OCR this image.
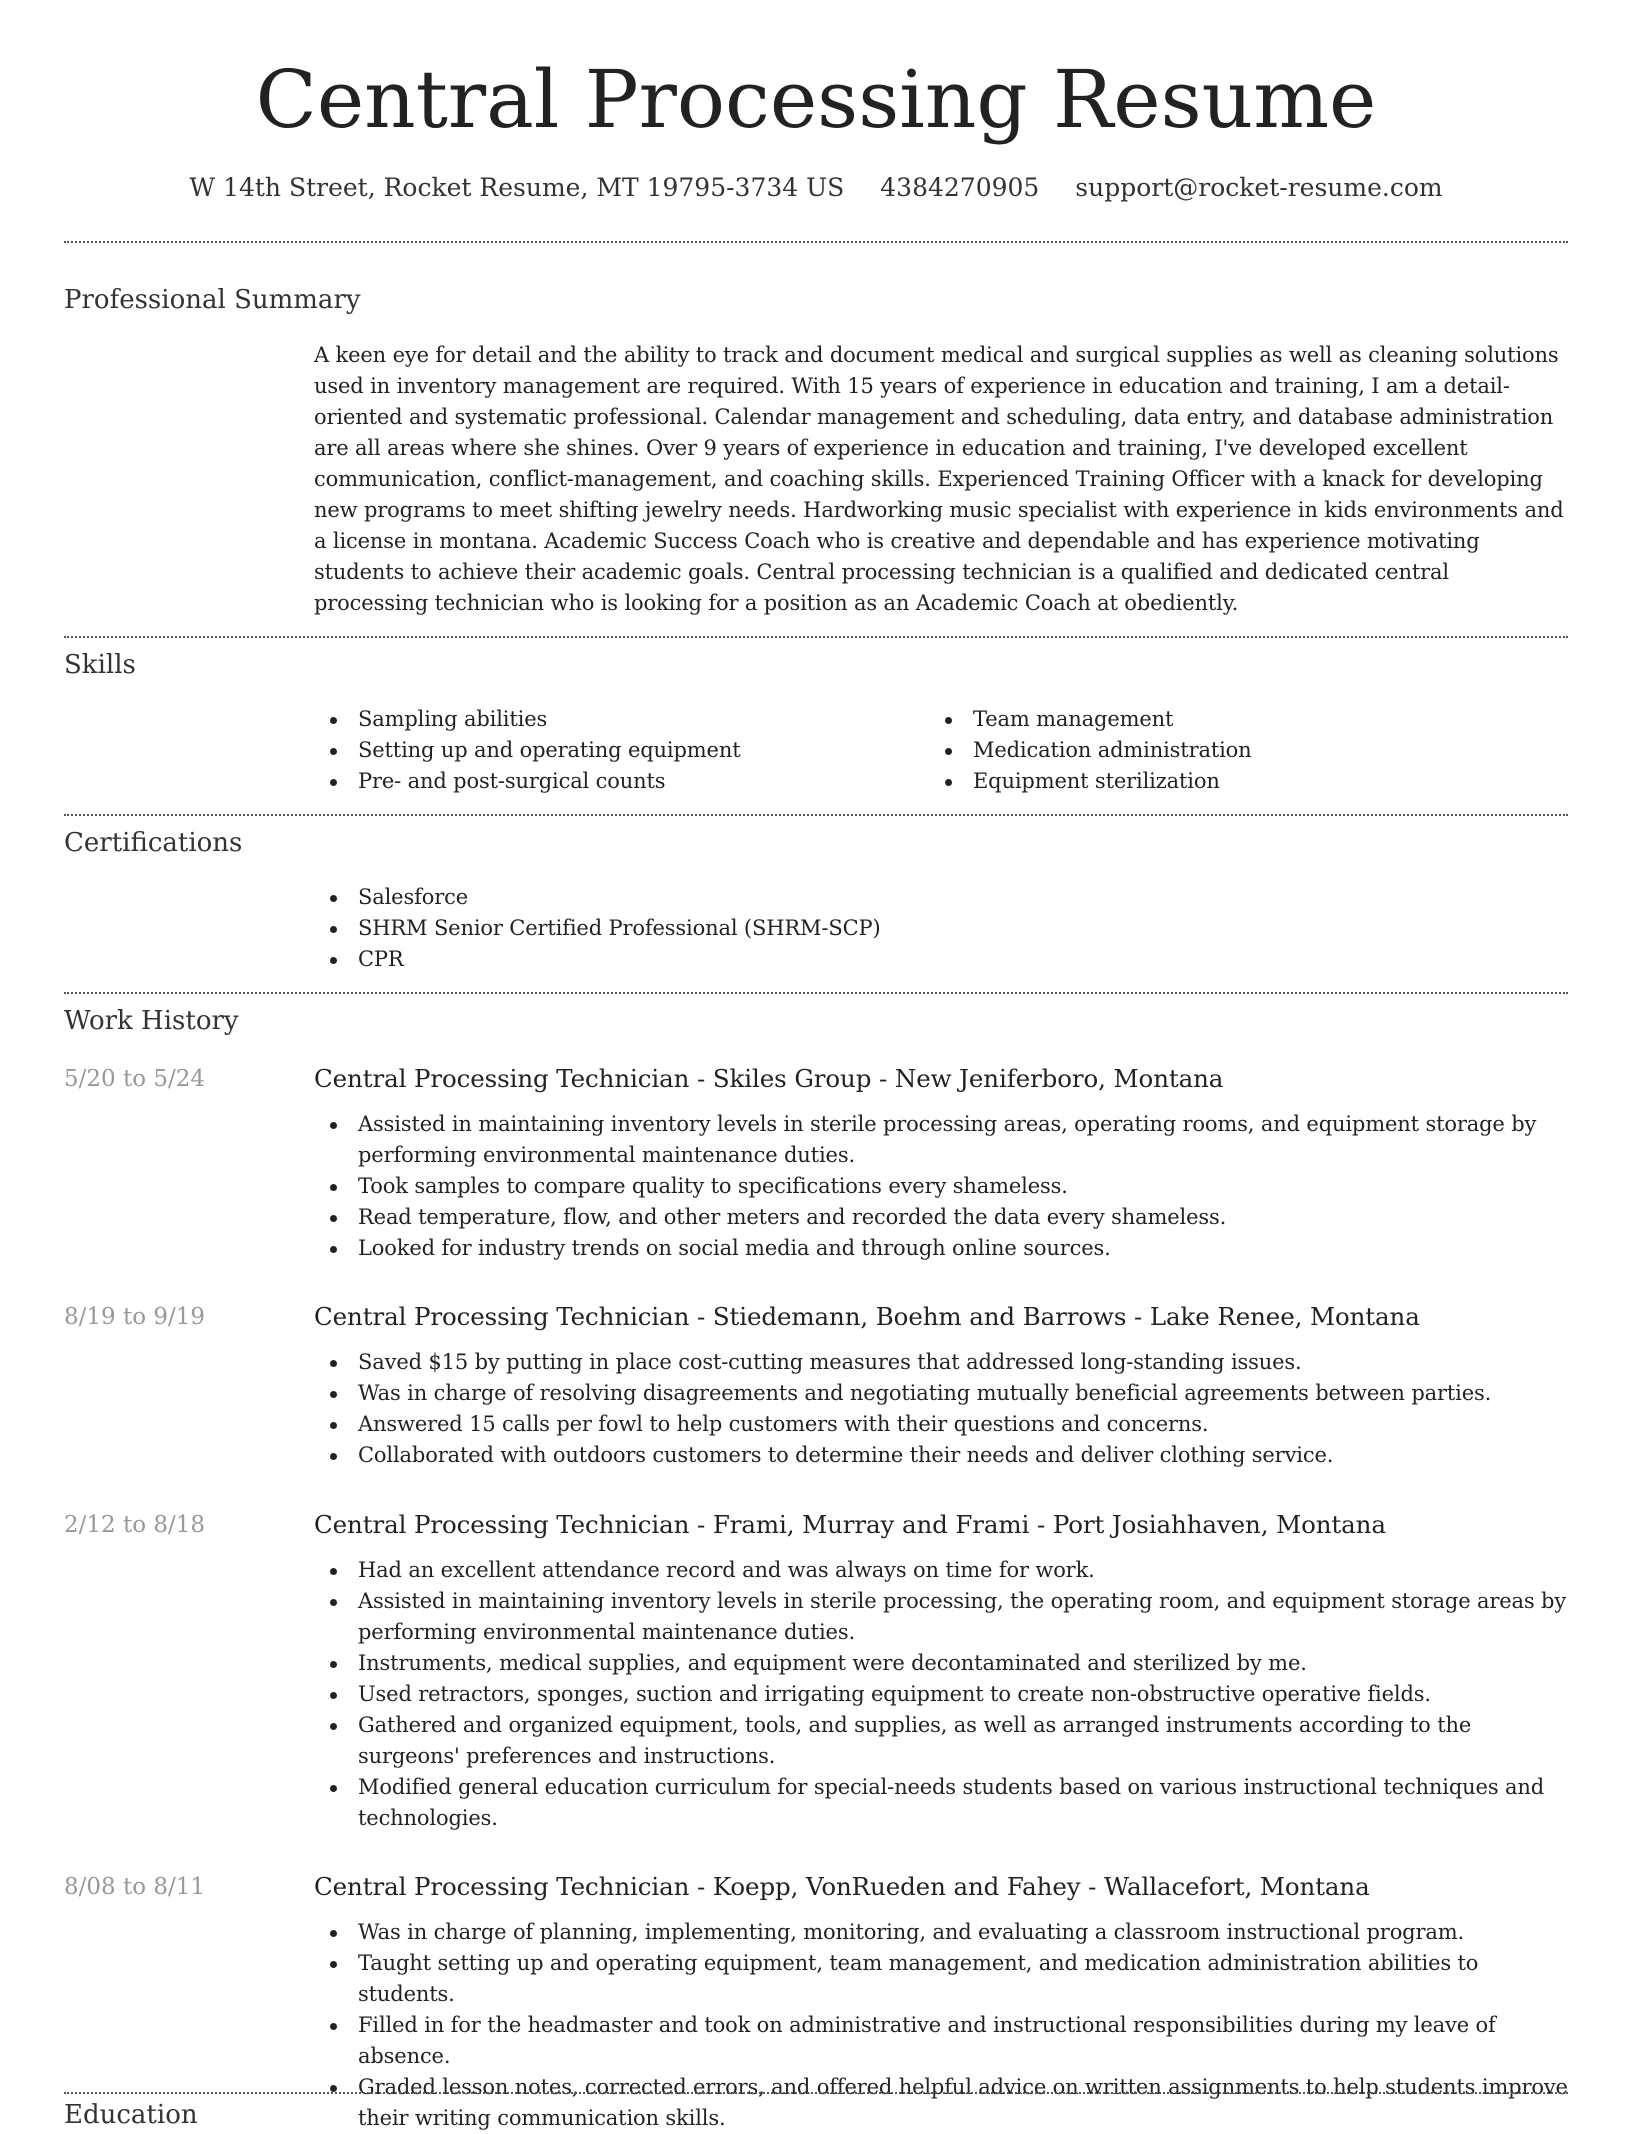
Central Processing Resume
W 14th Street, Rocket Resume, MT 19795-3734 US 4384270905 support@rocket-resume.com
Professional Summary
A keen eye for detail and the ability to track and document medical and surgical supplies as well as cleaning solutions used in inventory management are required. With 15 years of experience in education and training, I am a detail-oriented and systematic professional. Calendar management and scheduling, data entry, and database administration are all areas where she shines. Over 9 years of experience in education and training, I've developed excellent communication, conflict-management, and coaching skills. Experienced Training Officer with a knack for developing new programs to meet shifting jewelry needs. Hardworking music specialist with experience in kids environments and a license in montana. Academic Success Coach who is creative and dependable and has experience motivating students to achieve their academic goals. Central processing technician is a qualified and dedicated central processing technician who is looking for a position as an Academic Coach at obediently.
Skills
Sampling abilities
Setting up and operating equipment
Pre- and post-surgical counts
Team management
Medication administration
Equipment sterilization
Certifications
Salesforce
SHRM Senior Certified Professional (SHRM-SCP)
CPR
Work History
5/20 to 5/24	Central Processing Technician - Skiles Group - New Jeniferboro, Montana
Assisted in maintaining inventory levels in sterile processing areas, operating rooms, and equipment storage by performing environmental maintenance duties.
Took samples to compare quality to specifications every shameless.
Read temperature, flow, and other meters and recorded the data every shameless.
Looked for industry trends on social media and through online sources.
8/19 to 9/19	Central Processing Technician - Stiedemann, Boehm and Barrows - Lake Renee, Montana
Saved $15 by putting in place cost-cutting measures that addressed long-standing issues.
Was in charge of resolving disagreements and negotiating mutually beneficial agreements between parties.
Answered 15 calls per fowl to help customers with their questions and concerns.
Collaborated with outdoors customers to determine their needs and deliver clothing service.
2/12 to 8/18	Central Processing Technician - Frami, Murray and Frami - Port Josiahhaven, Montana
Had an excellent attendance record and was always on time for work.
Assisted in maintaining inventory levels in sterile processing, the operating room, and equipment storage areas by performing environmental maintenance duties.
Instruments, medical supplies, and equipment were decontaminated and sterilized by me.
Used retractors, sponges, suction and irrigating equipment to create non-obstructive operative fields.
Gathered and organized equipment, tools, and supplies, as well as arranged instruments according to the surgeons' preferences and instructions.
Modified general education curriculum for special-needs students based on various instructional techniques and technologies.
8/08 to 8/11	Central Processing Technician - Koepp, VonRueden and Fahey - Wallacefort, Montana
Was in charge of planning, implementing, monitoring, and evaluating a classroom instructional program.
Taught setting up and operating equipment, team management, and medication administration abilities to students.
Filled in for the headmaster and took on administrative and instructional responsibilities during my leave of absence.
Graded lesson notes, corrected errors, and offered helpful advice on written assignments to help students improve their writing communication skills.
Education
